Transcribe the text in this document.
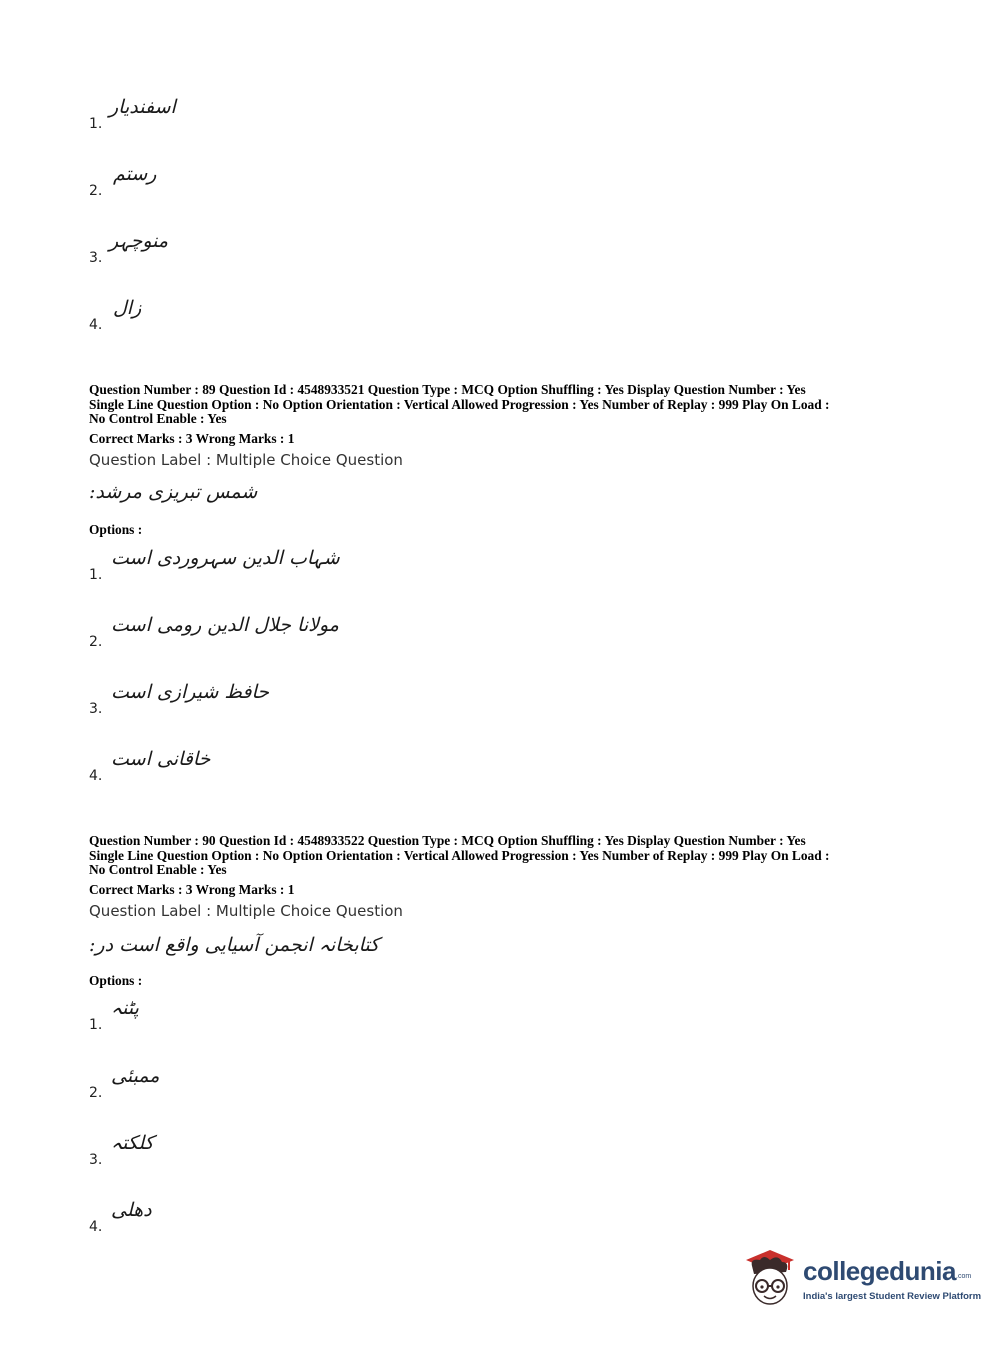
1.
اسفندیار
2.
رستم
3.
منوچہر
4.
زال
Question Number : 89 Question Id : 4548933521 Question Type : MCQ Option Shuffling : Yes Display Question Number : Yes
Single Line Question Option : No Option Orientation : Vertical Allowed Progression : Yes Number of Replay : 999 Play On Load :
No Control Enable : Yes
Correct Marks : 3 Wrong Marks : 1
Question Label : Multiple Choice Question
شمس تبریزی مرشد:
Options :
1.
شہاب الدین سہروردی است
2.
مولانا جلال الدین رومی است
3.
حافظ شیرازی است
4.
خاقانی است
Question Number : 90 Question Id : 4548933522 Question Type : MCQ Option Shuffling : Yes Display Question Number : Yes
Single Line Question Option : No Option Orientation : Vertical Allowed Progression : Yes Number of Replay : 999 Play On Load :
No Control Enable : Yes
Correct Marks : 3 Wrong Marks : 1
Question Label : Multiple Choice Question
کتابخانہ انجمن آسیایی واقع است در:
Options :
1.
پٹنہ
2.
ممبئی
3.
کلکتہ
4.
دھلی
collegedunia .com
India's largest Student Review Platform
